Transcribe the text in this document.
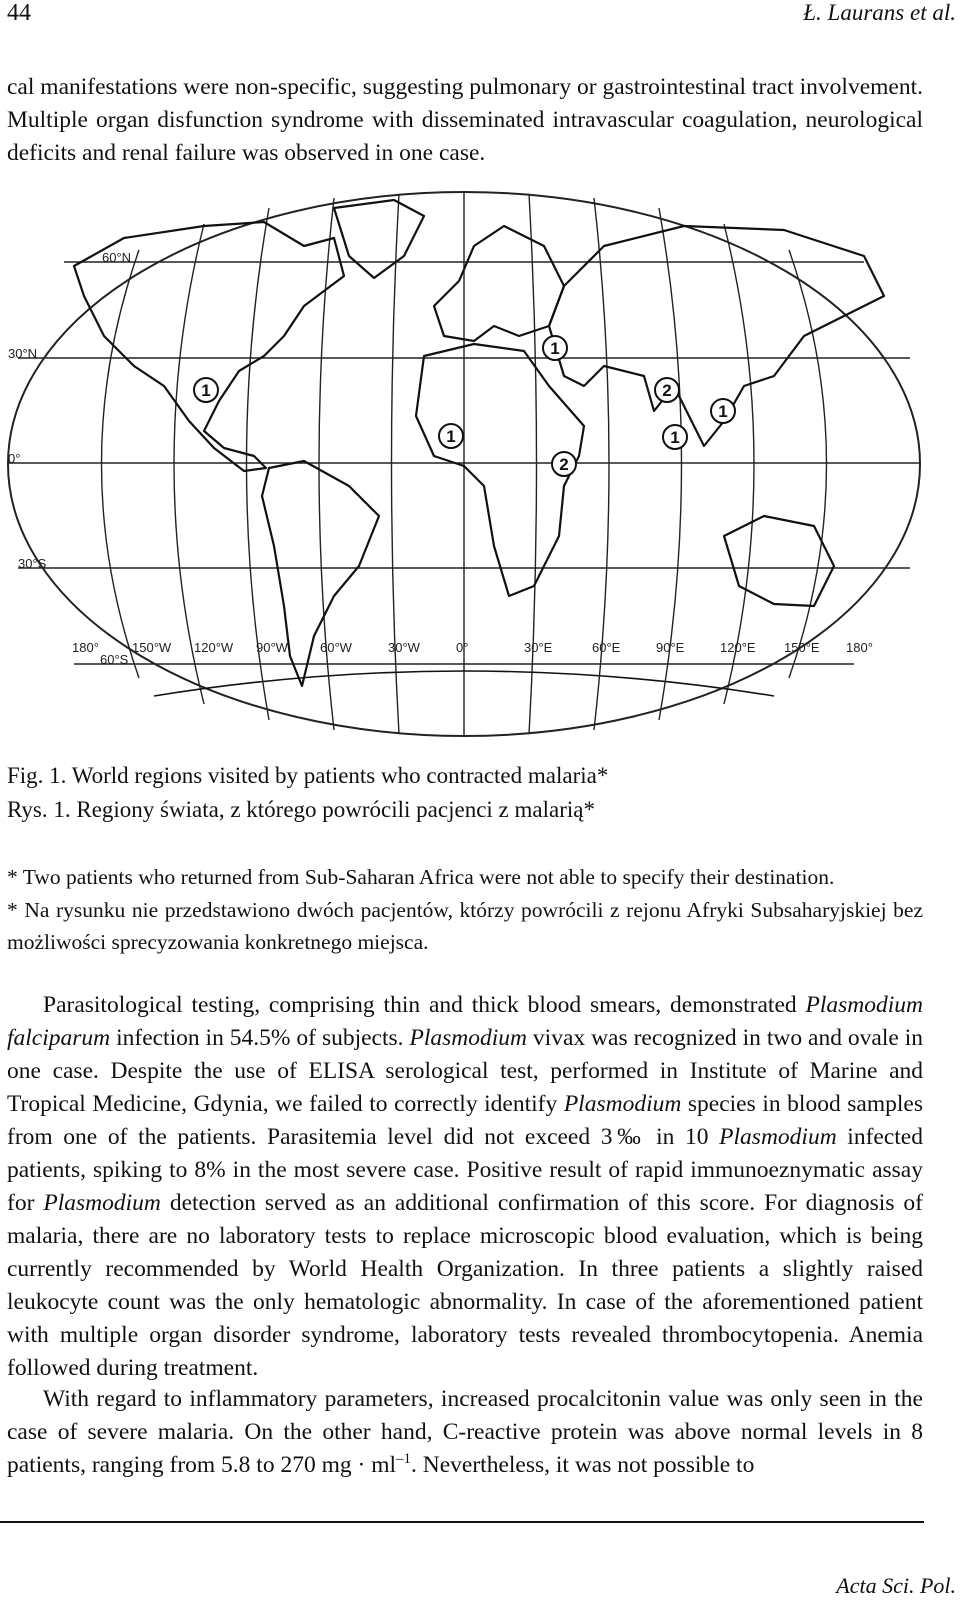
44	Ł. Laurans et al.

cal manifestations were non-specific, suggesting pulmonary or gastrointestinal tract involvement. Multiple organ disfunction syndrome with disseminated intravascular coagulation, neurological deficits and renal failure was observed in one case.

60°N
30°N
0°
30°S
60°S
180°	150°W 120°W 90°W 60°W	30°W	0°	30°E	60°E	90°E	120°E 150°E 180°
1
1
1
2
2
1
1
Fig. 1. World regions visited by patients who contracted malaria*
Rys. 1. Regiony świata, z którego powrócili pacjenci z malarią*

* Two patients who returned from Sub-Saharan Africa were not able to specify their destination.

* Na rysunku nie przedstawiono dwóch pacjentów, którzy powrócili z rejonu Afryki Subsaharyjskiej bez możliwości sprecyzowania konkretnego miejsca.

Parasitological testing, comprising thin and thick blood smears, demonstrated Plasmodium falciparum infection in 54.5% of subjects. Plasmodium vivax was recognized in two and ovale in one case. Despite the use of ELISA serological test, performed in Institute of Marine and Tropical Medicine, Gdynia, we failed to correctly identify Plasmodium species in blood samples from one of the patients. Parasitemia level did not exceed 3‰ in 10 Plasmodium infected patients, spiking to 8% in the most severe case. Positive result of rapid immunoeznymatic assay for Plasmodium detection served as an additional confirmation of this score. For diagnosis of malaria, there are no laboratory tests to replace microscopic blood evaluation, which is being currently recommended by World Health Organization. In three patients a slightly raised leukocyte count was the only hematologic abnormality. In case of the aforementioned patient with multiple organ disorder syndrome, laboratory tests revealed thrombocytopenia. Anemia followed during treatment.

With regard to inflammatory parameters, increased procalcitonin value was only seen in the case of severe malaria. On the other hand, C-reactive protein was above normal levels in 8 patients, ranging from 5.8 to 270 mg · $ml^{-1}$. Nevertheless, it was not possible to

Acta Sci. Pol.
